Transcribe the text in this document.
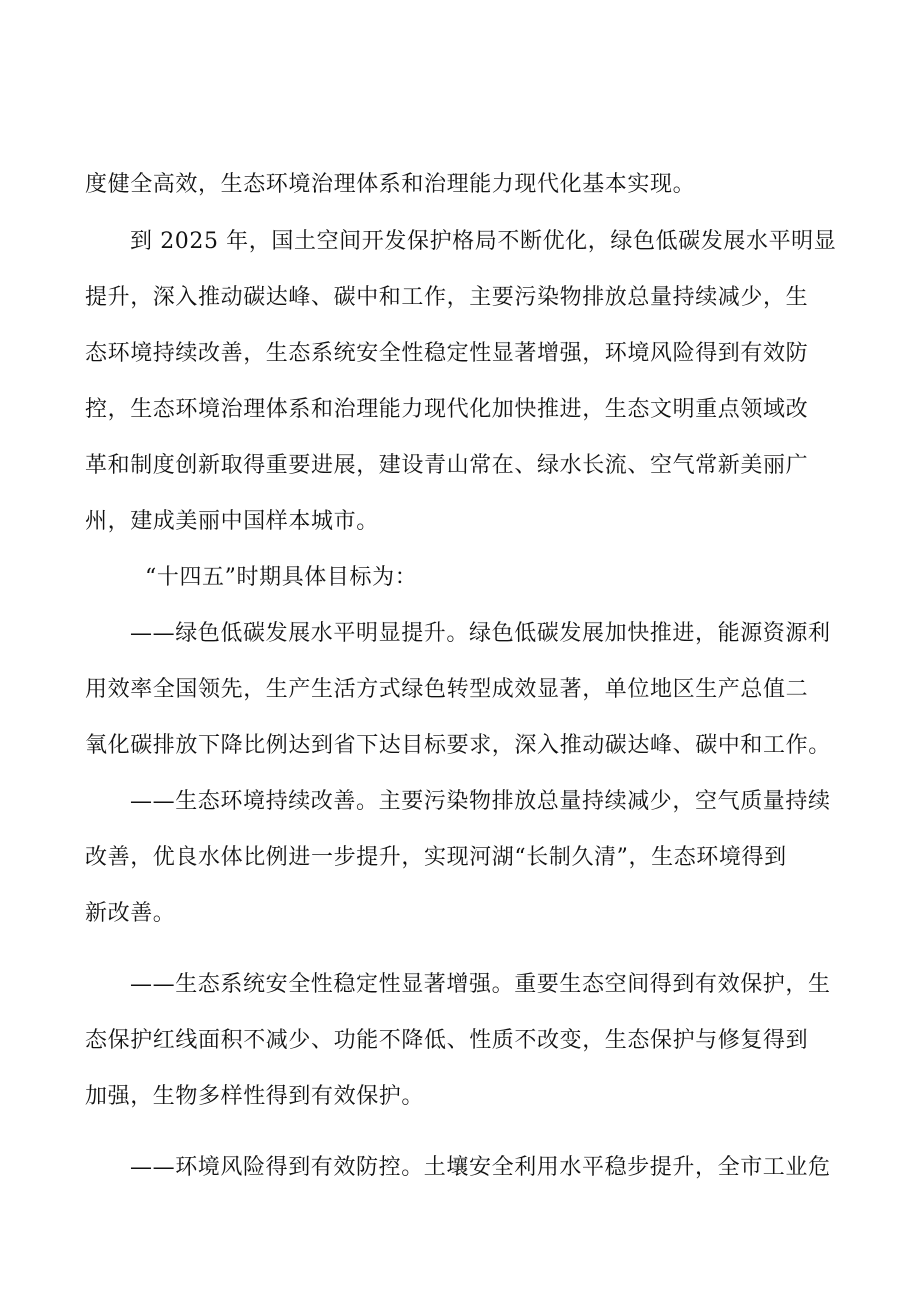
度健全高效，生态环境治理体系和治理能力现代化基本实现。
到 2025 年，国土空间开发保护格局不断优化，绿色低碳发展水平明显
提升，深入推动碳达峰、碳中和工作，主要污染物排放总量持续减少，生
态环境持续改善，生态系统安全性稳定性显著增强，环境风险得到有效防
控，生态环境治理体系和治理能力现代化加快推进，生态文明重点领域改
革和制度创新取得重要进展，建设青山常在、绿水长流、空气常新美丽广
州，建成美丽中国样本城市。
“十四五”时期具体目标为：
——绿色低碳发展水平明显提升。绿色低碳发展加快推进，能源资源利
用效率全国领先，生产生活方式绿色转型成效显著，单位地区生产总值二
氧化碳排放下降比例达到省下达目标要求，深入推动碳达峰、碳中和工作。
——生态环境持续改善。主要污染物排放总量持续减少，空气质量持续
改善，优良水体比例进一步提升，实现河湖“长制久清”，生态环境得到
新改善。
——生态系统安全性稳定性显著增强。重要生态空间得到有效保护，生
态保护红线面积不减少、功能不降低、性质不改变，生态保护与修复得到
加强，生物多样性得到有效保护。
——环境风险得到有效防控。土壤安全利用水平稳步提升，全市工业危
